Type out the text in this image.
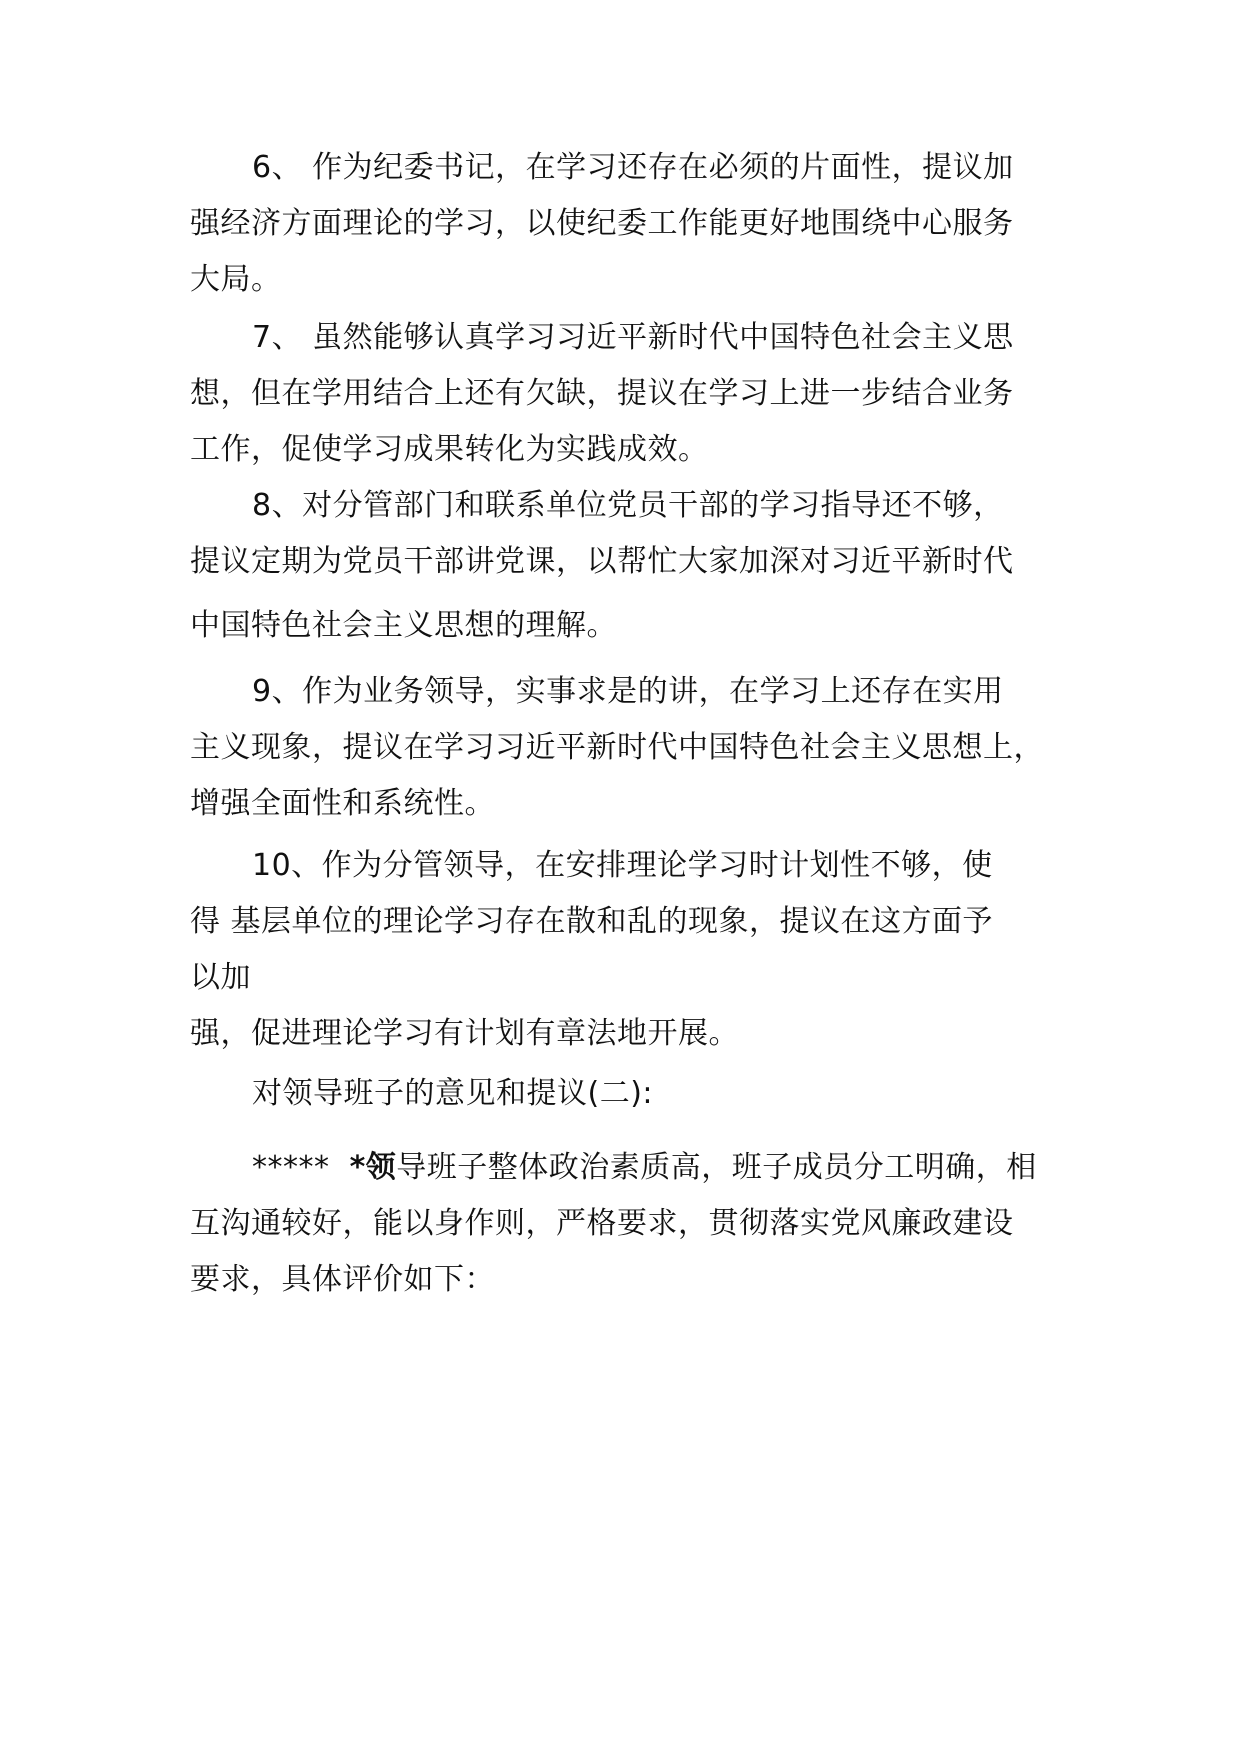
6、 作为纪委书记，在学习还存在必须的片面性，提议加
强经济方面理论的学习，以使纪委工作能更好地围绕中心服务
大局。

7、 虽然能够认真学习习近平新时代中国特色社会主义思
想，但在学用结合上还有欠缺，提议在学习上进一步结合业务
工作，促使学习成果转化为实践成效。

8、对分管部门和联系单位党员干部的学习指导还不够，
提议定期为党员干部讲党课，以帮忙大家加深对习近平新时代
中国特色社会主义思想的理解。

9、作为业务领导，实事求是的讲，在学习上还存在实用
主义现象，提议在学习习近平新时代中国特色社会主义思想上，
增强全面性和系统性。

10、作为分管领导，在安排理论学习时计划性不够，使
得 基层单位的理论学习存在散和乱的现象，提议在这方面予
以加
强，促进理论学习有计划有章法地开展。

对领导班子的意见和提议(二):

*****  *领导班子整体政治素质高，班子成员分工明确，相
互沟通较好，能以身作则，严格要求，贯彻落实党风廉政建设
要求，具体评价如下：
